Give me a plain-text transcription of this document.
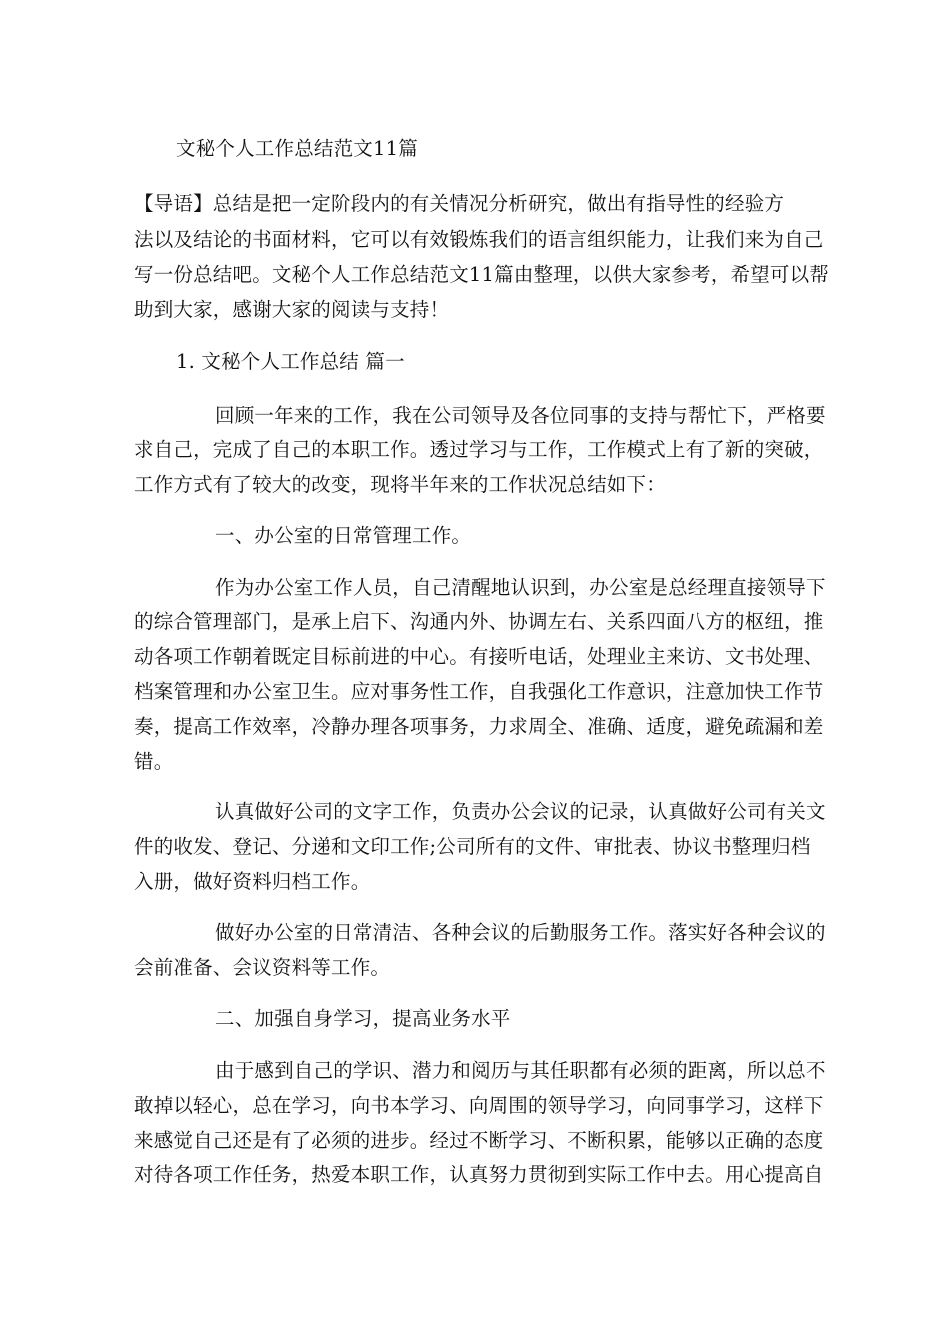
文秘个人工作总结范文11篇
【导语】总结是把一定阶段内的有关情况分析研究，做出有指导性的经验方
法以及结论的书面材料，它可以有效锻炼我们的语言组织能力，让我们来为自己
写一份总结吧。文秘个人工作总结范文11篇由整理，以供大家参考，希望可以帮
助到大家，感谢大家的阅读与支持！
1. 文秘个人工作总结 篇一
回顾一年来的工作，我在公司领导及各位同事的支持与帮忙下，严格要
求自己，完成了自己的本职工作。透过学习与工作，工作模式上有了新的突破，
工作方式有了较大的改变，现将半年来的工作状况总结如下：
一、办公室的日常管理工作。
作为办公室工作人员，自己清醒地认识到，办公室是总经理直接领导下
的综合管理部门，是承上启下、沟通内外、协调左右、关系四面八方的枢纽，推
动各项工作朝着既定目标前进的中心。有接听电话，处理业主来访、文书处理、
档案管理和办公室卫生。应对事务性工作，自我强化工作意识，注意加快工作节
奏，提高工作效率，冷静办理各项事务，力求周全、准确、适度，避免疏漏和差
错。
认真做好公司的文字工作，负责办公会议的记录，认真做好公司有关文
件的收发、登记、分递和文印工作;公司所有的文件、审批表、协议书整理归档
入册，做好资料归档工作。
做好办公室的日常清洁、各种会议的后勤服务工作。落实好各种会议的
会前准备、会议资料等工作。
二、加强自身学习，提高业务水平
由于感到自己的学识、潜力和阅历与其任职都有必须的距离，所以总不
敢掉以轻心，总在学习，向书本学习、向周围的领导学习，向同事学习，这样下
来感觉自己还是有了必须的进步。经过不断学习、不断积累，能够以正确的态度
对待各项工作任务，热爱本职工作，认真努力贯彻到实际工作中去。用心提高自
